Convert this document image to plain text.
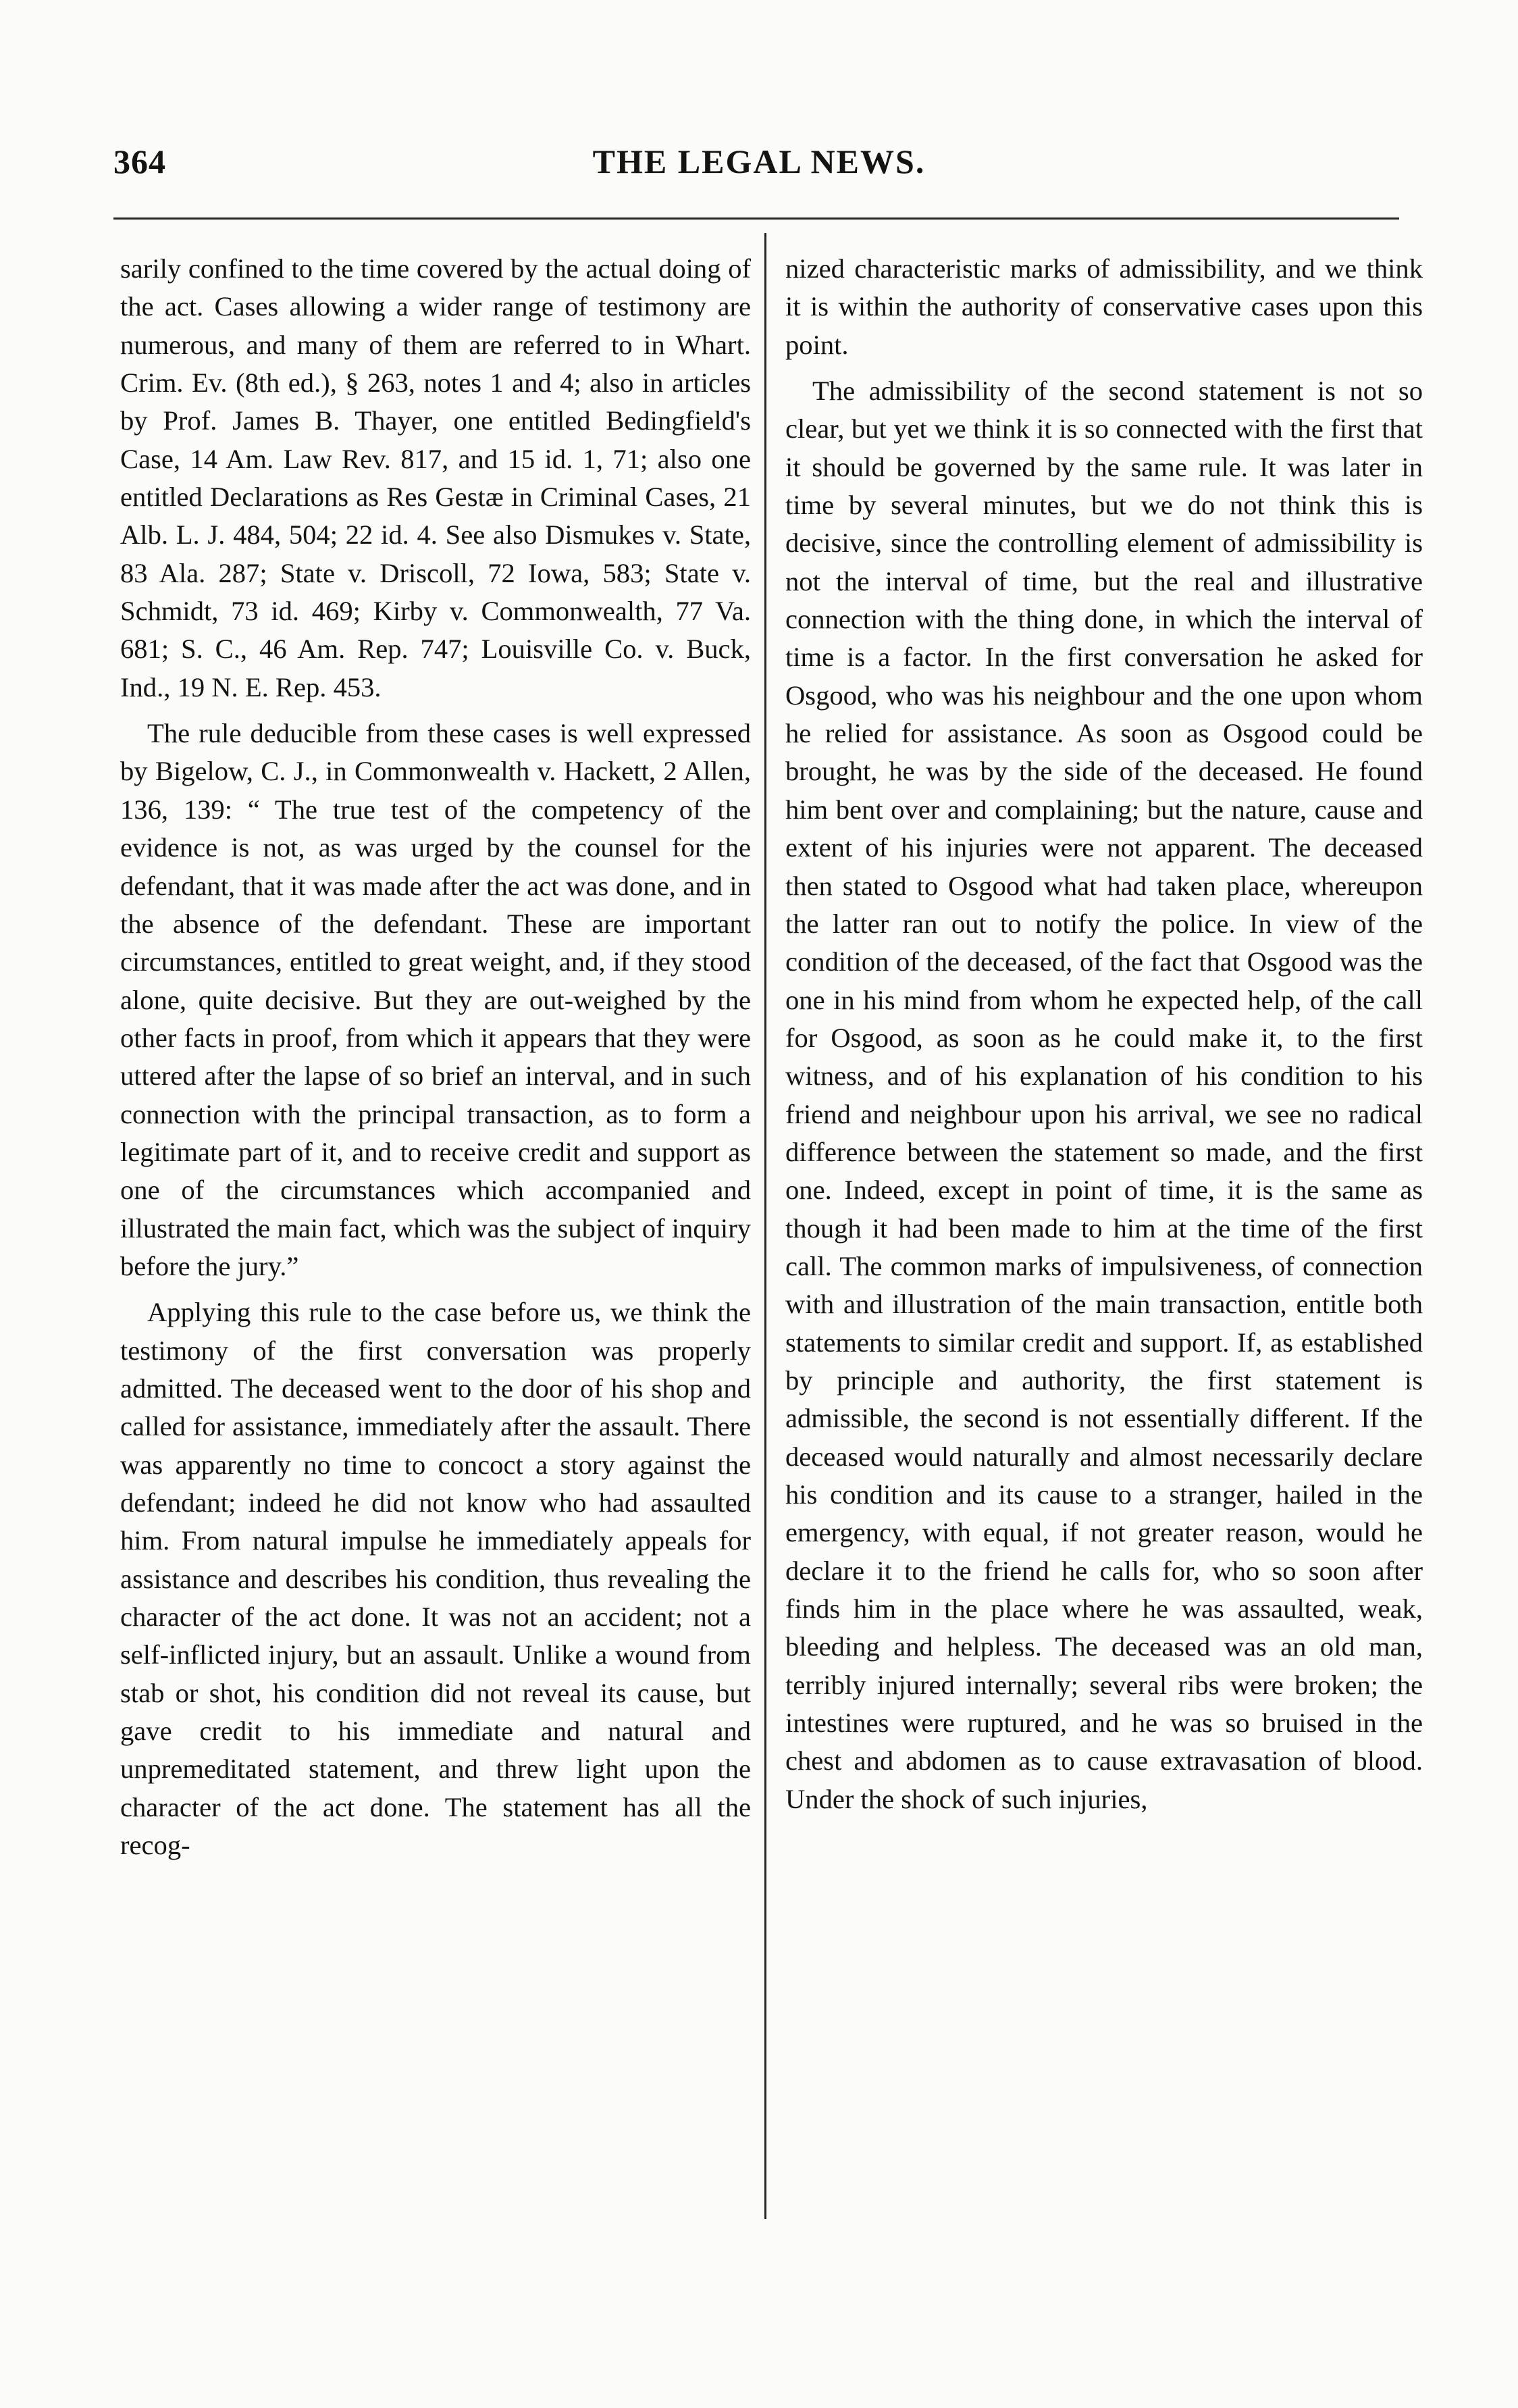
364	THE LEGAL NEWS.

sarily confined to the time covered by the actual doing of the act. Cases allowing a wider range of testimony are numerous, and many of them are referred to in Whart. Crim. Ev. (8th ed.), § 263, notes 1 and 4; also in articles by Prof. James B. Thayer, one entitled Bedingfield's Case, 14 Am. Law Rev. 817, and 15 id. 1, 71; also one entitled Declarations as Res Gestæ in Criminal Cases, 21 Alb. L. J. 484, 504; 22 id. 4. See also Dismukes v. State, 83 Ala. 287; State v. Driscoll, 72 Iowa, 583; State v. Schmidt, 73 id. 469; Kirby v. Commonwealth, 77 Va. 681; S. C., 46 Am. Rep. 747; Louisville Co. v. Buck, Ind., 19 N. E. Rep. 453.

The rule deducible from these cases is well expressed by Bigelow, C. J., in Commonwealth v. Hackett, 2 Allen, 136, 139: “ The true test of the competency of the evidence is not, as was urged by the counsel for the defendant, that it was made after the act was done, and in the absence of the defendant. These are important circumstances, entitled to great weight, and, if they stood alone, quite decisive. But they are out-weighed by the other facts in proof, from which it appears that they were uttered after the lapse of so brief an interval, and in such connection with the principal transaction, as to form a legitimate part of it, and to receive credit and support as one of the circumstances which accompanied and illustrated the main fact, which was the subject of inquiry before the jury.”

Applying this rule to the case before us, we think the testimony of the first conversation was properly admitted. The deceased went to the door of his shop and called for assistance, immediately after the assault. There was apparently no time to concoct a story against the defendant; indeed he did not know who had assaulted him. From natural impulse he immediately appeals for assistance and describes his condition, thus revealing the character of the act done. It was not an accident; not a self-inflicted injury, but an assault. Unlike a wound from stab or shot, his condition did not reveal its cause, but gave credit to his immediate and natural and unpremeditated statement, and threw light upon the character of the act done. The statement has all the recog-

nized characteristic marks of admissibility, and we think it is within the authority of conservative cases upon this point.

The admissibility of the second statement is not so clear, but yet we think it is so connected with the first that it should be governed by the same rule. It was later in time by several minutes, but we do not think this is decisive, since the controlling element of admissibility is not the interval of time, but the real and illustrative connection with the thing done, in which the interval of time is a factor. In the first conversation he asked for Osgood, who was his neighbour and the one upon whom he relied for assistance. As soon as Osgood could be brought, he was by the side of the deceased. He found him bent over and complaining; but the nature, cause and extent of his injuries were not apparent. The deceased then stated to Osgood what had taken place, whereupon the latter ran out to notify the police. In view of the condition of the deceased, of the fact that Osgood was the one in his mind from whom he expected help, of the call for Osgood, as soon as he could make it, to the first witness, and of his explanation of his condition to his friend and neighbour upon his arrival, we see no radical difference between the statement so made, and the first one. Indeed, except in point of time, it is the same as though it had been made to him at the time of the first call. The common marks of impulsiveness, of connection with and illustration of the main transaction, entitle both statements to similar credit and support. If, as established by principle and authority, the first statement is admissible, the second is not essentially different. If the deceased would naturally and almost necessarily declare his condition and its cause to a stranger, hailed in the emergency, with equal, if not greater reason, would he declare it to the friend he calls for, who so soon after finds him in the place where he was assaulted, weak, bleeding and helpless. The deceased was an old man, terribly injured internally; several ribs were broken; the intestines were ruptured, and he was so bruised in the chest and abdomen as to cause extravasation of blood. Under the shock of such injuries,
